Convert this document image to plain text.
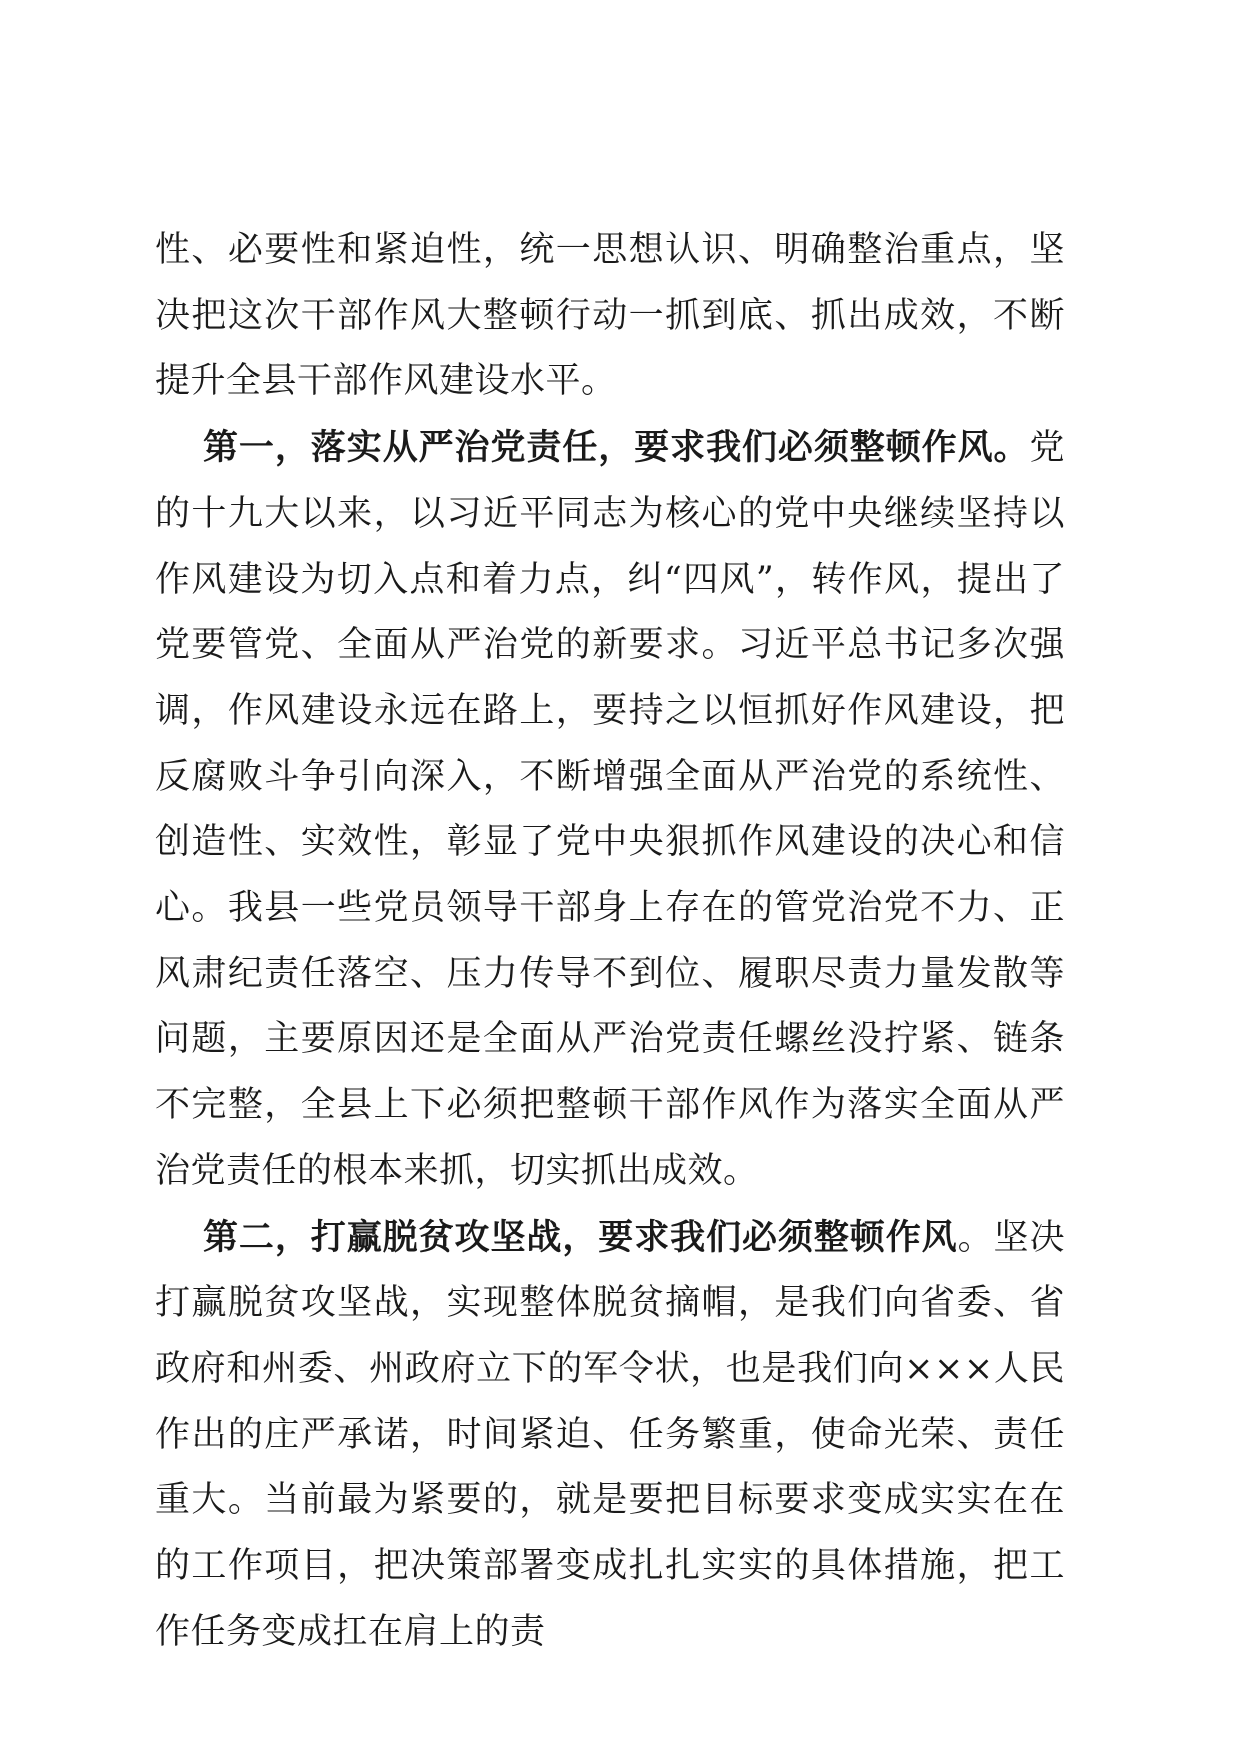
性、必要性和紧迫性，统一思想认识、明确整治重点，坚决把这次干部作风大整顿行动一抓到底、抓出成效，不断提升全县干部作风建设水平。

第一，落实从严治党责任，要求我们必须整顿作风。党的十九大以来，以习近平同志为核心的党中央继续坚持以作风建设为切入点和着力点，纠“四风”，转作风，提出了党要管党、全面从严治党的新要求。习近平总书记多次强调，作风建设永远在路上，要持之以恒抓好作风建设，把反腐败斗争引向深入，不断增强全面从严治党的系统性、创造性、实效性，彰显了党中央狠抓作风建设的决心和信心。我县一些党员领导干部身上存在的管党治党不力、正风肃纪责任落空、压力传导不到位、履职尽责力量发散等问题，主要原因还是全面从严治党责任螺丝没拧紧、链条不完整，全县上下必须把整顿干部作风作为落实全面从严治党责任的根本来抓，切实抓出成效。

第二，打赢脱贫攻坚战，要求我们必须整顿作风。坚决打赢脱贫攻坚战，实现整体脱贫摘帽，是我们向省委、省政府和州委、州政府立下的军令状，也是我们向×××人民作出的庄严承诺，时间紧迫、任务繁重，使命光荣、责任重大。当前最为紧要的，就是要把目标要求变成实实在在的工作项目，把决策部署变成扎扎实实的具体措施，把工作任务变成扛在肩上的责
